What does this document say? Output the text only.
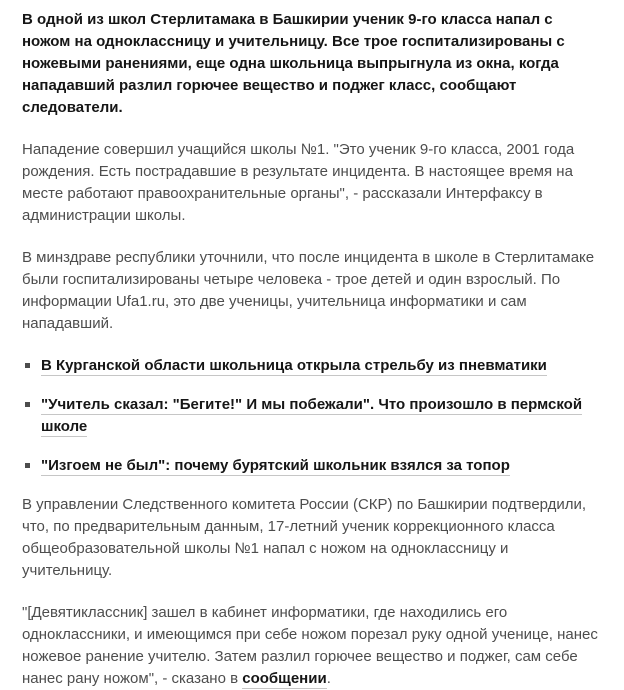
В одной из школ Стерлитамака в Башкирии ученик 9-го класса напал с ножом на одноклассницу и учительницу. Все трое госпитализированы с ножевыми ранениями, еще одна школьница выпрыгнула из окна, когда нападавший разлил горючее вещество и поджег класс, сообщают следователи.

Нападение совершил учащийся школы №1. "Это ученик 9-го класса, 2001 года рождения. Есть пострадавшие в результате инцидента. В настоящее время на месте работают правоохранительные органы", - рассказали Интерфаксу в администрации школы.

В минздраве республики уточнили, что после инцидента в школе в Стерлитамаке были госпитализированы четыре человека - трое детей и один взрослый. По информации Ufa1.ru, это две ученицы, учительница информатики и сам нападавший.

В Курганской области школьница открыла стрельбу из пневматики
"Учитель сказал: "Бегите!" И мы побежали". Что произошло в пермской школе
"Изгоем не был": почему бурятский школьник взялся за топор

В управлении Следственного комитета России (СКР) по Башкирии подтвердили, что, по предварительным данным, 17-летний ученик коррекционного класса общеобразовательной школы №1 напал с ножом на одноклассницу и учительницу.

"[Девятиклассник] зашел в кабинет информатики, где находились его одноклассники, и имеющимся при себе ножом порезал руку одной ученице, нанес ножевое ранение учителю. Затем разлил горючее вещество и поджег, сам себе нанес рану ножом", - сказано в сообщении.
